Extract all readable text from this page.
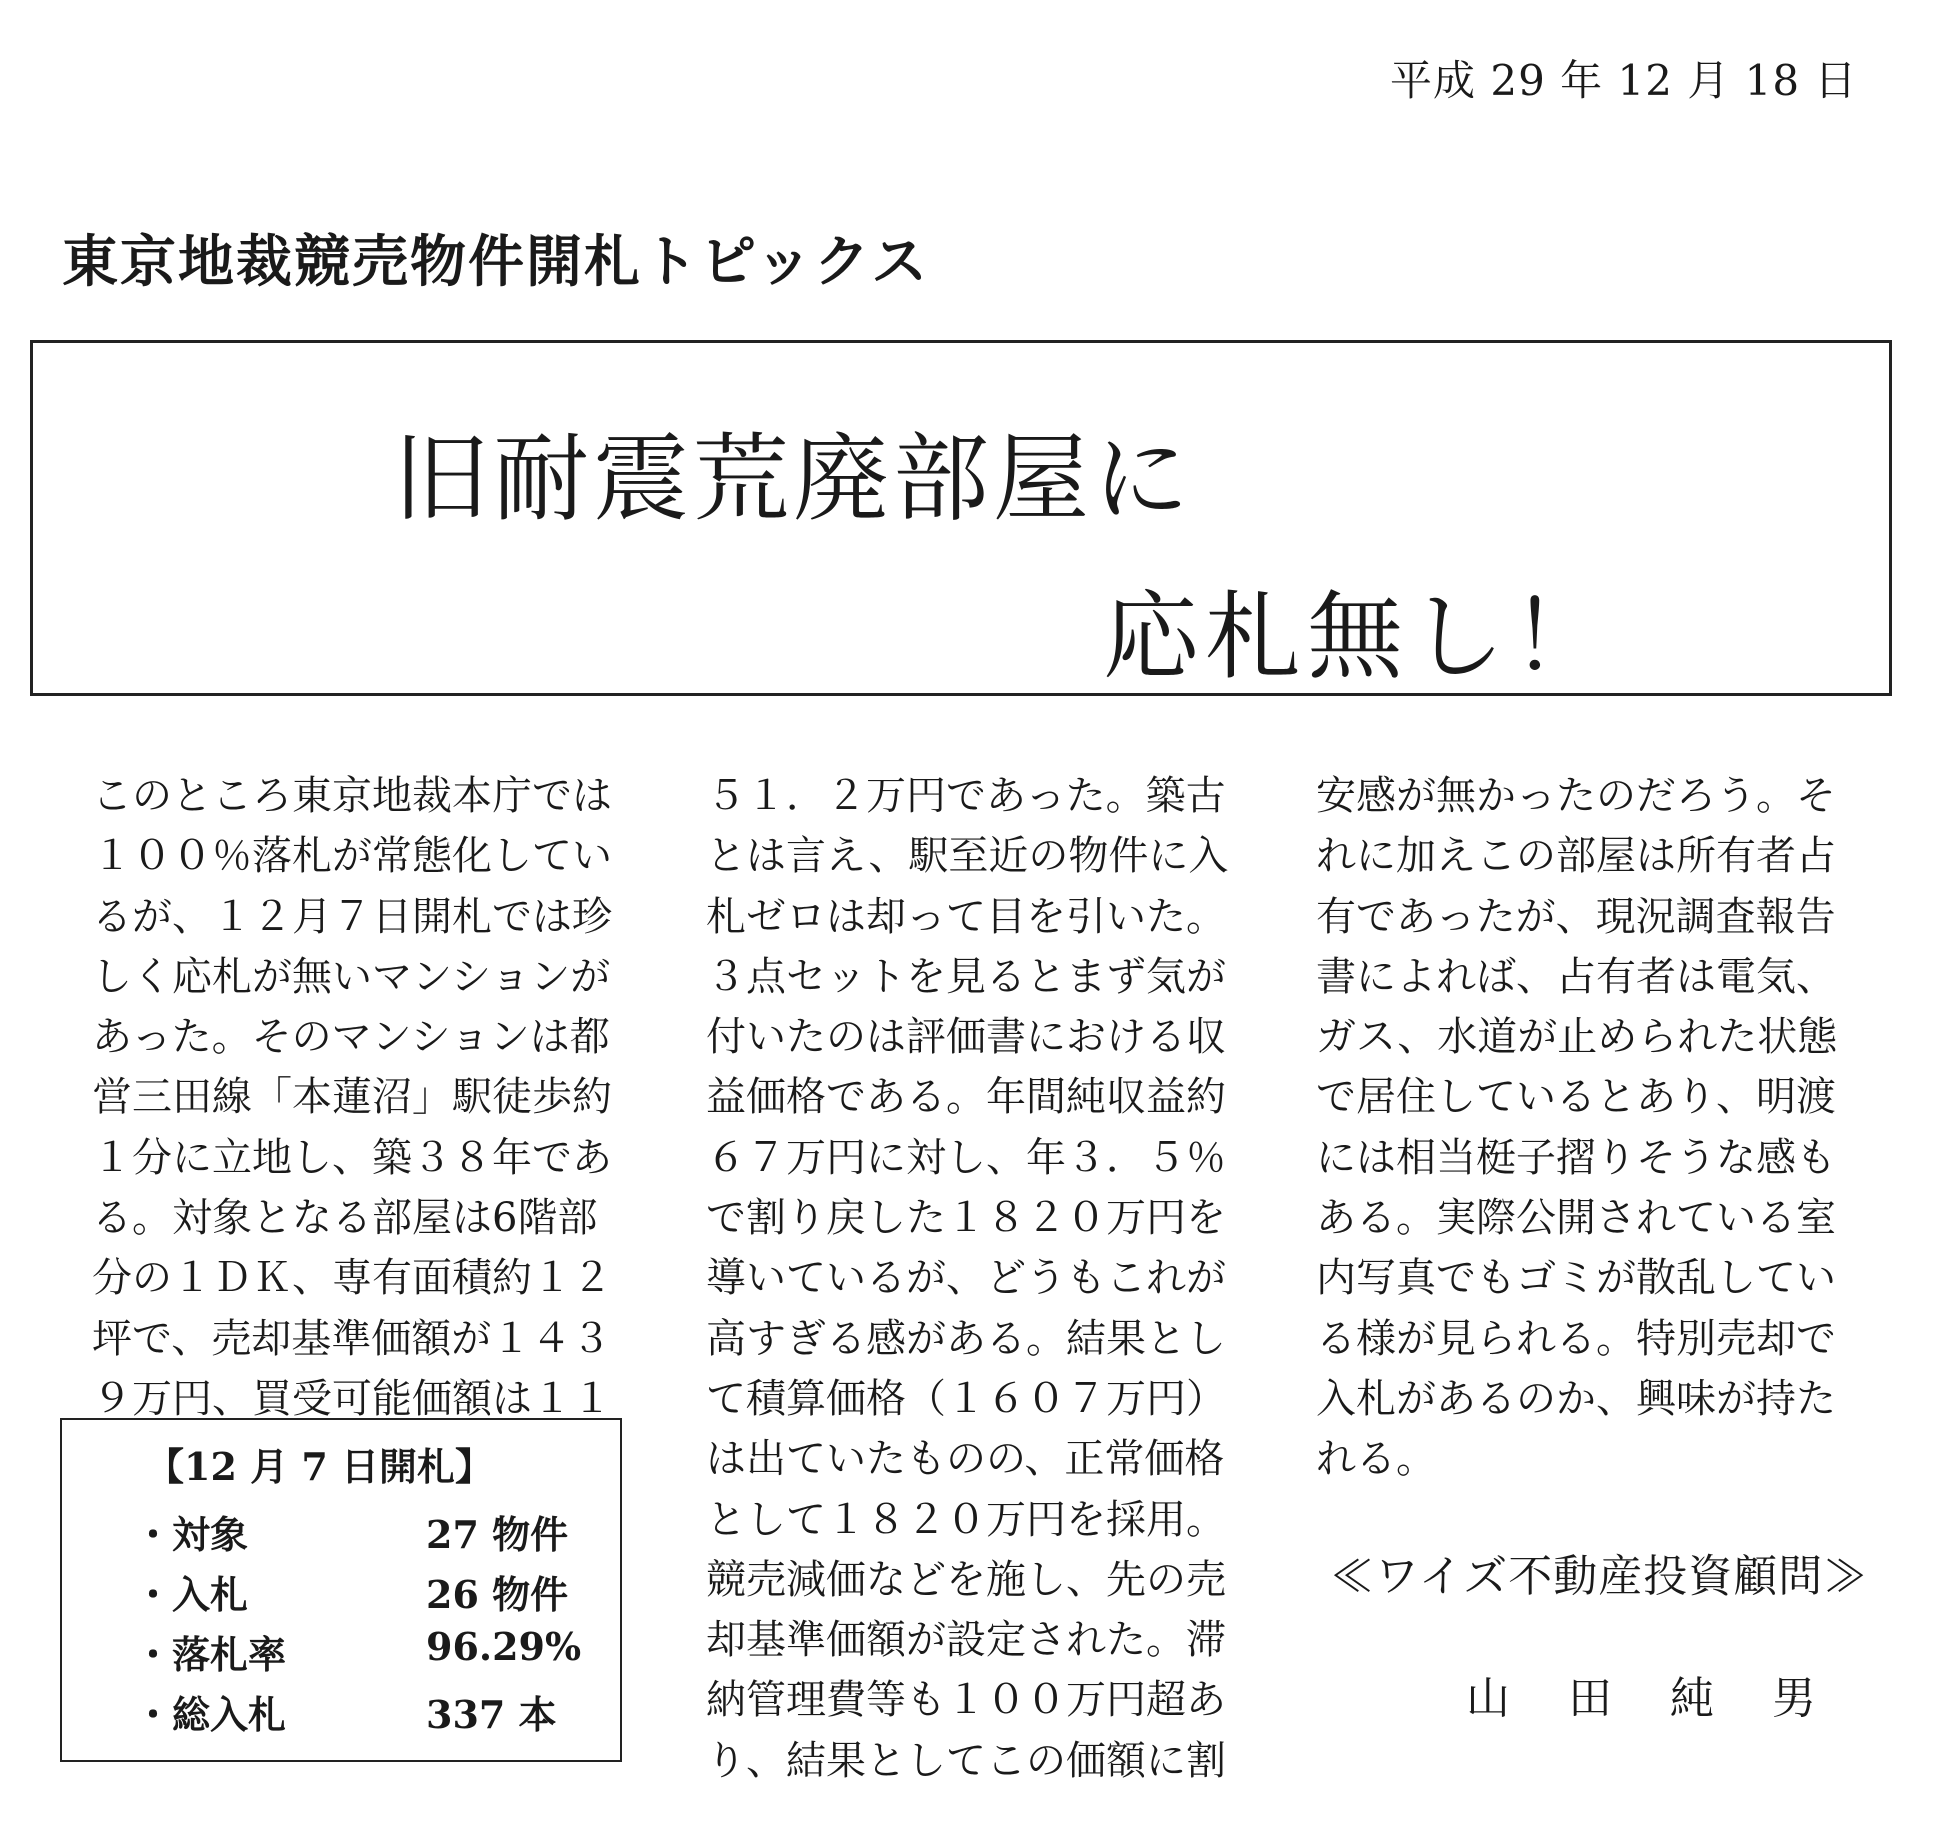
平成 29 年 12 月 18 日
東京地裁競売物件開札トピックス
旧耐震荒廃部屋に
応札無し！
このところ東京地裁本庁では
１００％落札が常態化してい
るが、１２月７日開札では珍
しく応札が無いマンションが
あった。そのマンションは都
営三田線「本蓮沼」駅徒歩約
１分に立地し、築３８年であ
る。対象となる部屋は6階部
分の１ＤＫ、専有面積約１２
坪で、売却基準価額が１４３
９万円、買受可能価額は１１
５１．２万円であった。築古
とは言え、駅至近の物件に入
札ゼロは却って目を引いた。
３点セットを見るとまず気が
付いたのは評価書における収
益価格である。年間純収益約
６７万円に対し、年３．５％
で割り戻した１８２０万円を
導いているが、どうもこれが
高すぎる感がある。結果とし
て積算価格（１６０７万円）
は出ていたものの、正常価格
として１８２０万円を採用。
競売減価などを施し、先の売
却基準価額が設定された。滞
納管理費等も１００万円超あ
り、結果としてこの価額に割
安感が無かったのだろう。そ
れに加えこの部屋は所有者占
有であったが、現況調査報告
書によれば、占有者は電気、
ガス、水道が止められた状態
で居住しているとあり、明渡
には相当梃子摺りそうな感も
ある。実際公開されている室
内写真でもゴミが散乱してい
る様が見られる。特別売却で
入札があるのか、興味が持た
れる。
【12 月 7 日開札】
・対象	27 物件
・入札	26 物件
・落札率	96.29%
・総入札	337 本
≪ワイズ不動産投資顧問≫
山 田 純 男
